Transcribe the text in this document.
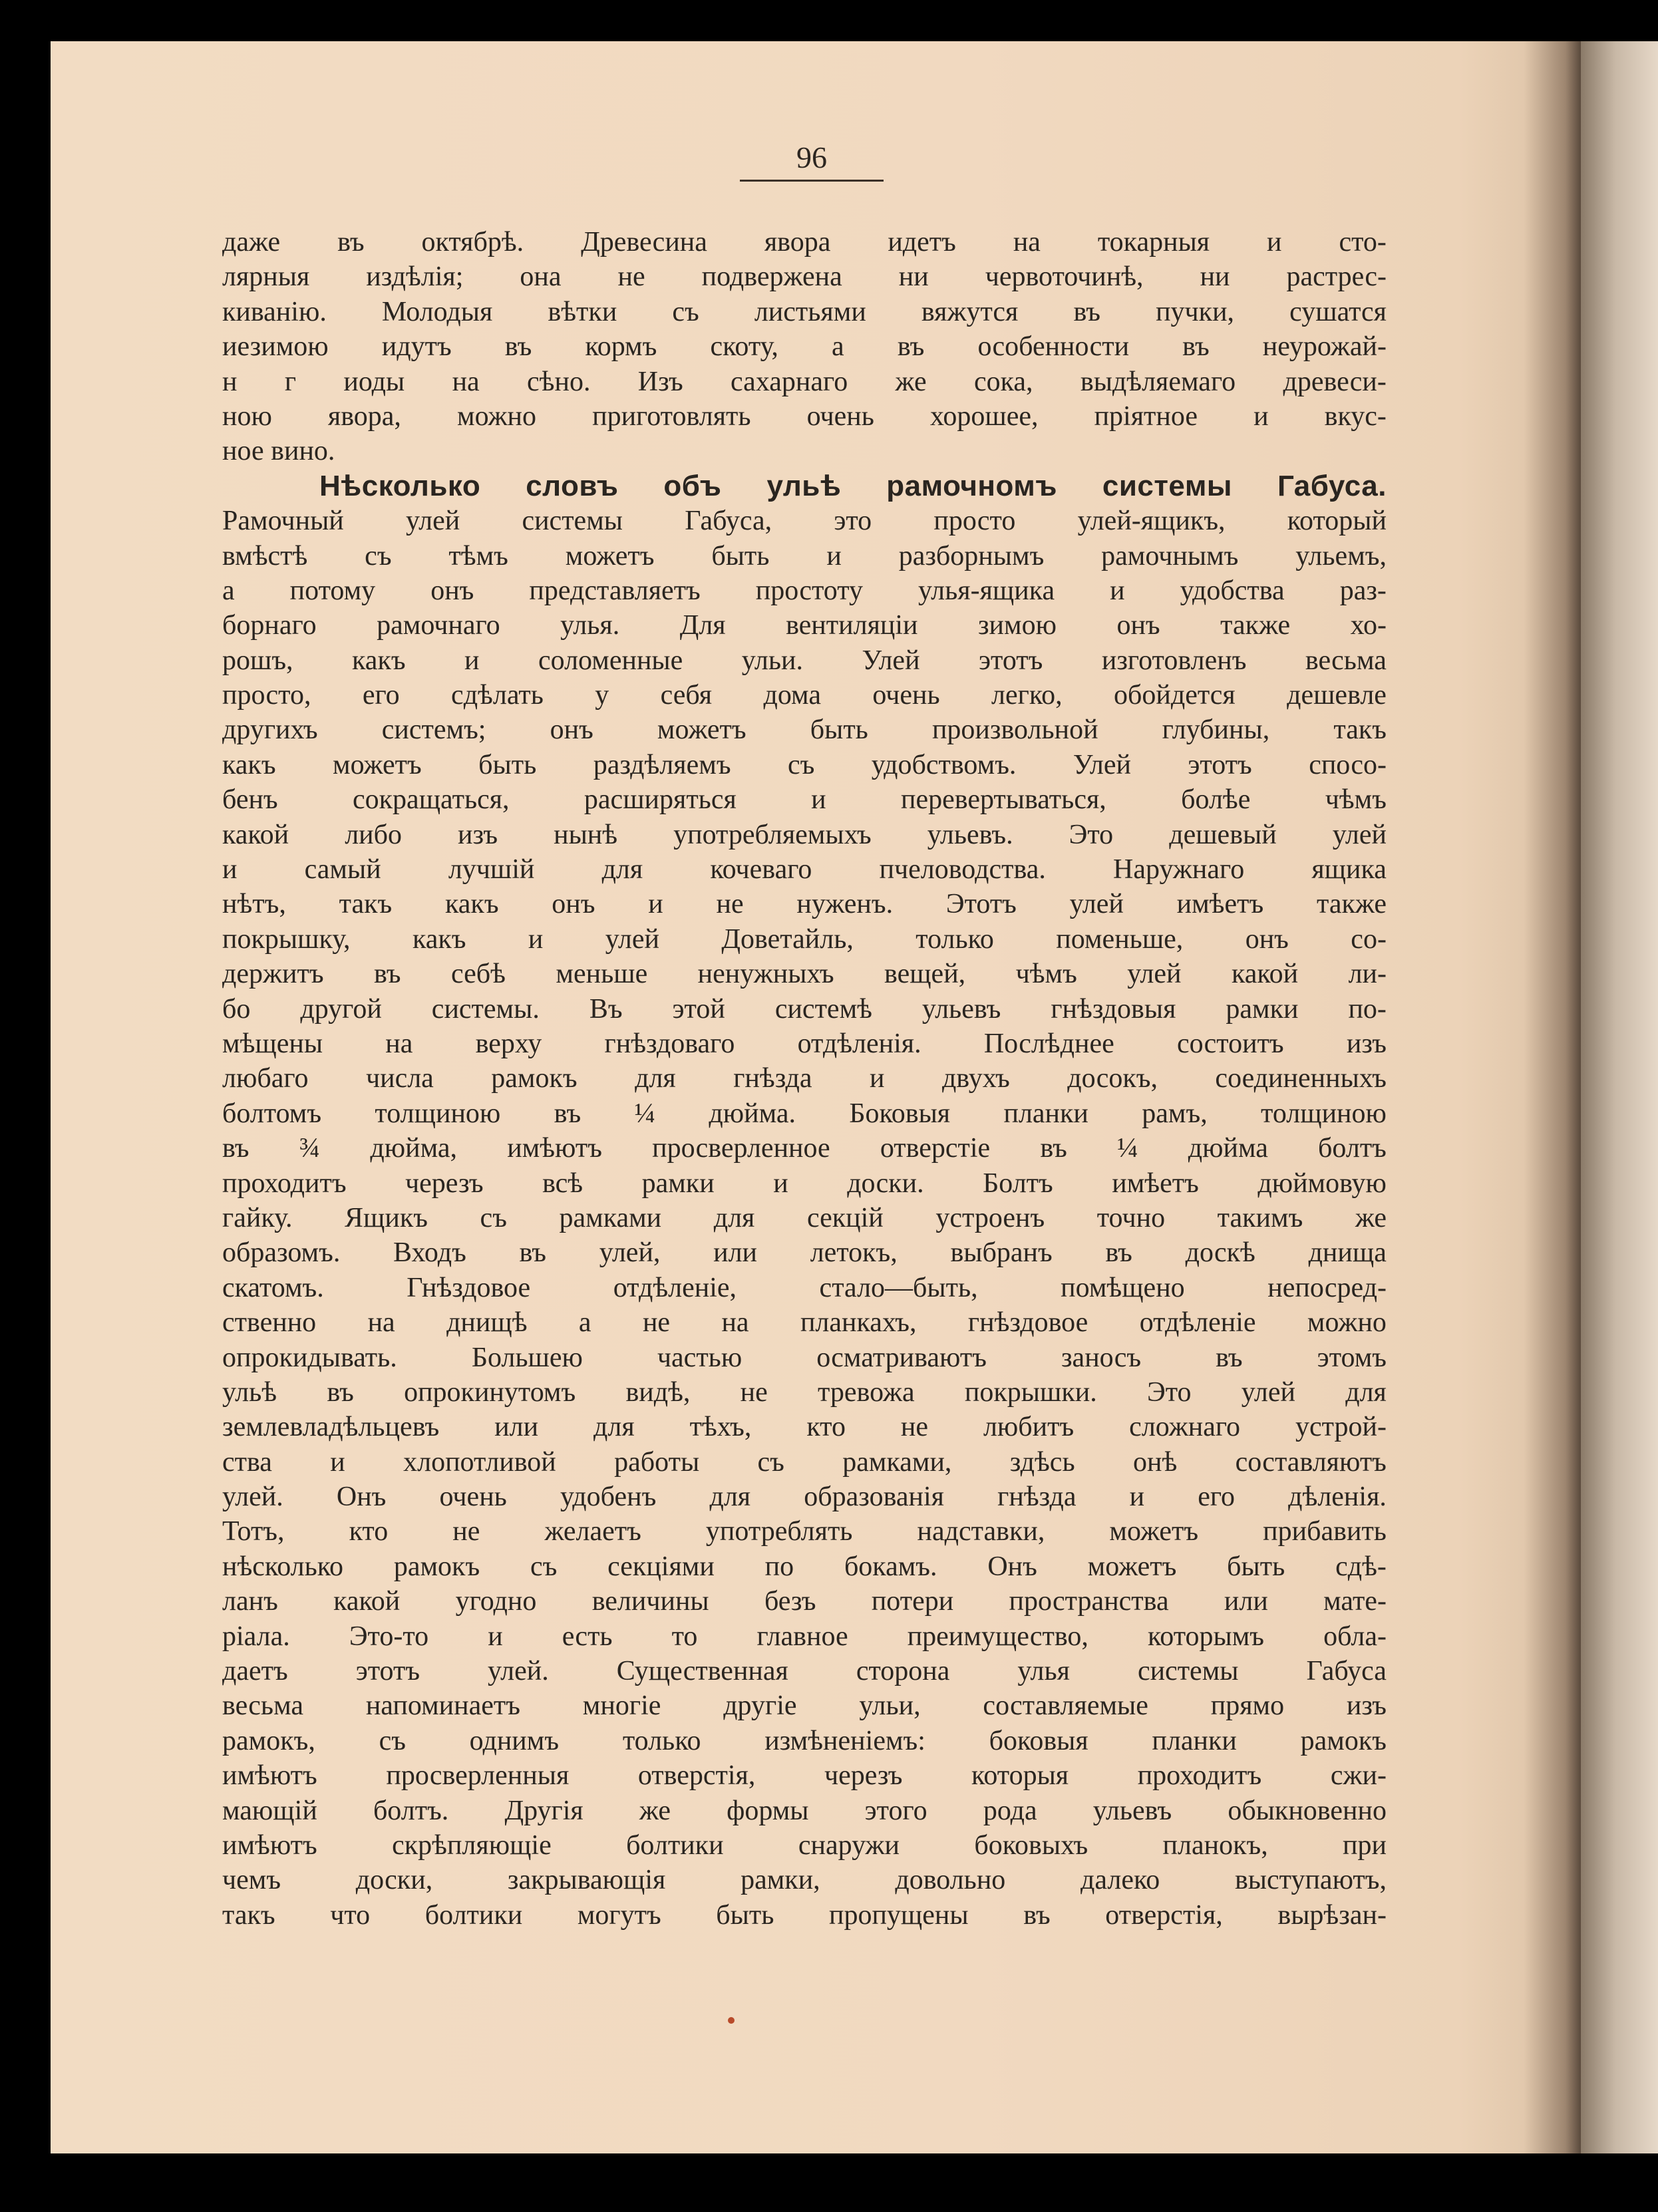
96
даже въ октябрѣ. Древесина явора идетъ на токарныя и сто-
лярныя издѣлія; она не подвержена ни червоточинѣ, ни растрес-
киванію. Молодыя вѣтки съ листьями вяжутся въ пучки, сушатся
иезимою идутъ въ кормъ скоту, а въ особенности въ неурожай-
н г иоды на сѣно. Изъ сахарнаго же сока, выдѣляемаго древеси-
ною явора, можно приготовлять очень хорошее, пріятное и вкус-
ное вино.
Нѣсколько словъ объ ульѣ рамочномъ системы Габуса.
Рамочный улей системы Габуса, это просто улей-ящикъ, который
вмѣстѣ съ тѣмъ можетъ быть и разборнымъ рамочнымъ ульемъ,
а потому онъ представляетъ простоту улья-ящика и удобства раз-
борнаго рамочнаго улья. Для вентиляціи зимою онъ также хо-
рошъ, какъ и соломенные ульи. Улей этотъ изготовленъ весьма
просто, его сдѣлать у себя дома очень легко, обойдется дешевле
другихъ системъ; онъ можетъ быть произвольной глубины, такъ
какъ можетъ быть раздѣляемъ съ удобствомъ. Улей этотъ спосо-
бенъ	сокращаться,	расширяться	и	перевертываться,	болѣе	чѣмъ
какой либо изъ нынѣ употребляемыхъ ульевъ. Это дешевый улей
и самый лучшій для кочеваго пчеловодства. Наружнаго ящика
нѣтъ, такъ какъ онъ и не нуженъ. Этотъ улей имѣетъ также
покрышку, какъ и улей Доветайль, только поменьше, онъ со-
держитъ въ себѣ меньше ненужныхъ вещей, чѣмъ улей какой ли-
бо другой системы. Въ этой системѣ ульевъ гнѣздовыя рамки по-
мѣщены на верху гнѣздоваго отдѣленія. Послѣднее состоитъ изъ
любаго числа рамокъ для гнѣзда и двухъ досокъ, соединенныхъ
болтомъ толщиною въ ¼ дюйма. Боковыя планки рамъ, толщиною
въ ¾ дюйма, имѣютъ просверленное отверстіе въ ¼ дюйма болтъ
проходитъ черезъ всѣ рамки и доски. Болтъ имѣетъ дюймовую
гайку. Ящикъ съ рамками для секцій устроенъ точно такимъ же
образомъ. Входъ въ улей, или летокъ, выбранъ въ доскѣ днища
скатомъ.	Гнѣздовое	отдѣленіе,	стало—быть,	помѣщено	непосред-
ственно на днищѣ а не на планкахъ, гнѣздовое отдѣленіе можно
опрокидывать.	Большею	частью	осматриваютъ	заносъ	въ	этомъ
ульѣ въ опрокинутомъ видѣ, не тревожа покрышки. Это улей для
землевладѣльцевъ или для тѣхъ, кто не любитъ сложнаго устрой-
ства и хлопотливой работы съ рамками, здѣсь онѣ составляютъ
улей. Онъ очень удобенъ для образованія гнѣзда и его дѣленія.
Тотъ, кто не желаетъ употреблять надставки, можетъ прибавить
нѣсколько рамокъ съ секціями по бокамъ. Онъ можетъ быть сдѣ-
ланъ какой угодно величины безъ потери пространства или мате-
ріала. Это-то и есть то главное преимущество, которымъ обла-
даетъ этотъ улей. Существенная сторона улья системы Габуса
весьма напоминаетъ многіе другіе ульи, составляемые прямо изъ
рамокъ, съ однимъ только измѣненіемъ: боковыя планки рамокъ
имѣютъ просверленныя отверстія, черезъ которыя проходитъ сжи-
мающій болтъ. Другія же формы этого рода ульевъ обыкновенно
имѣютъ	скрѣпляющіе	болтики	снаружи	боковыхъ	планокъ,	при
чемъ	доски,	закрывающія	рамки,	довольно	далеко	выступаютъ,
такъ что болтики могутъ быть пропущены въ отверстія, вырѣзан-
